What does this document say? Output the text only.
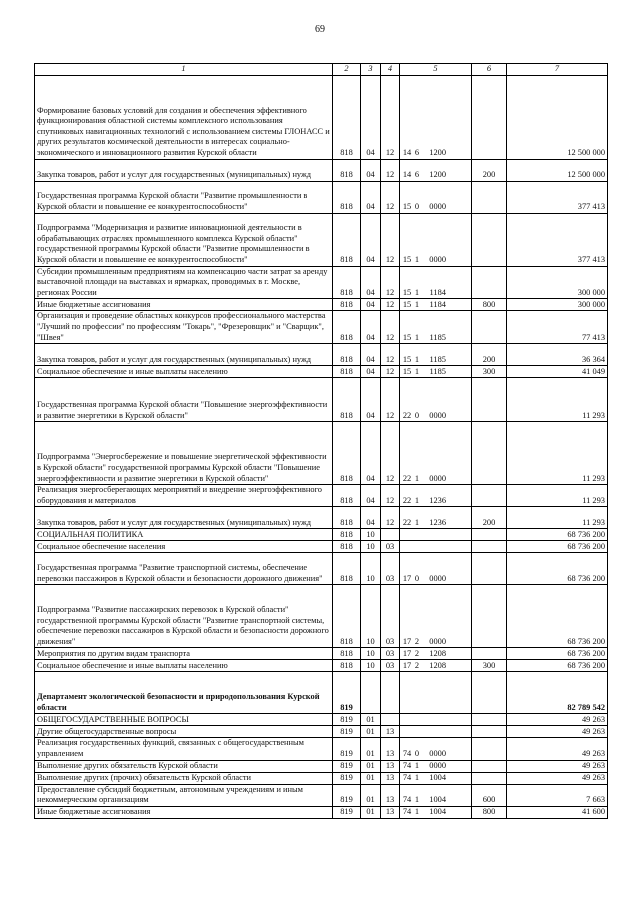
69
1	2	3	4	5	6	7
Формирование базовых условий для создания и обеспечения эффективного функционирования областной системы комплексного использования спутниковых навигационных технологий с использованием системы ГЛОНАСС и других результатов космической деятельности в интересах социально-экономического и инновационного развития Курской области	818	04	12	14 6 1200		12 500 000
Закупка товаров, работ и услуг для государственных (муниципальных) нужд	818	04	12	14 6 1200	200	12 500 000
Государственная программа Курской области "Развитие промышленности в Курской области и повышение ее конкурентоспособности"	818	04	12	15 0 0000		377 413
Подпрограмма "Модернизация и развитие инновационной деятельности в обрабатывающих отраслях промышленного комплекса Курской области" государственной программы Курской области "Развитие промышленности в Курской области и повышение ее конкурентоспособности"	818	04	12	15 1 0000		377 413
Субсидии промышленным предприятиям на компенсацию части затрат за аренду выставочной площади на выставках и ярмарках, проводимых в г. Москве, регионах России	818	04	12	15 1 1184		300 000
Иные бюджетные ассигнования	818	04	12	15 1 1184	800	300 000
Организация и проведение областных конкурсов профессионального мастерства "Лучший по профессии" по профессиям "Токарь", "Фрезеровщик" и "Сварщик", "Швея"	818	04	12	15 1 1185		77 413
Закупка товаров, работ и услуг для государственных (муниципальных) нужд	818	04	12	15 1 1185	200	36 364
Социальное обеспечение и иные выплаты населению	818	04	12	15 1 1185	300	41 049
Государственная программа Курской области "Повышение энергоэффективности и развитие энергетики в Курской области"	818	04	12	22 0 0000		11 293
Подпрограмма "Энергосбережение и повышение энергетической эффективности в Курской области" государственной программы Курской области "Повышение энергоэффективности и развитие энергетики в Курской области"	818	04	12	22 1 0000		11 293
Реализация энергосберегающих мероприятий и внедрение энергоэффективного оборудования и материалов	818	04	12	22 1 1236		11 293
Закупка товаров, работ и услуг для государственных (муниципальных) нужд	818	04	12	22 1 1236	200	11 293
СОЦИАЛЬНАЯ ПОЛИТИКА	818	10				68 736 200
Социальное обеспечение населения	818	10	03			68 736 200
Государственная программа "Развитие транспортной системы, обеспечение перевозки пассажиров в Курской области и безопасности дорожного движения"	818	10	03	17 0 0000		68 736 200
Подпрограмма "Развитие пассажирских перевозок в Курской области" государственной программы Курской области "Развитие транспортной системы, обеспечение перевозки пассажиров в Курской области и безопасности дорожного движения"	818	10	03	17 2 0000		68 736 200
Мероприятия по другим видам транспорта	818	10	03	17 2 1208		68 736 200
Социальное обеспечение и иные выплаты населению	818	10	03	17 2 1208	300	68 736 200
Департамент экологической безопасности и природопользования Курской области	819					82 789 542
ОБЩЕГОСУДАРСТВЕННЫЕ ВОПРОСЫ	819	01				49 263
Другие общегосударственные вопросы	819	01	13			49 263
Реализация государственных функций, связанных с общегосударственным управлением	819	01	13	74 0 0000		49 263
Выполнение других обязательств Курской области	819	01	13	74 1 0000		49 263
Выполнение других (прочих) обязательств Курской области	819	01	13	74 1 1004		49 263
Предоставление субсидий бюджетным, автономным учреждениям и иным некоммерческим организациям	819	01	13	74 1 1004	600	7 663
Иные бюджетные ассигнования	819	01	13	74 1 1004	800	41 600
